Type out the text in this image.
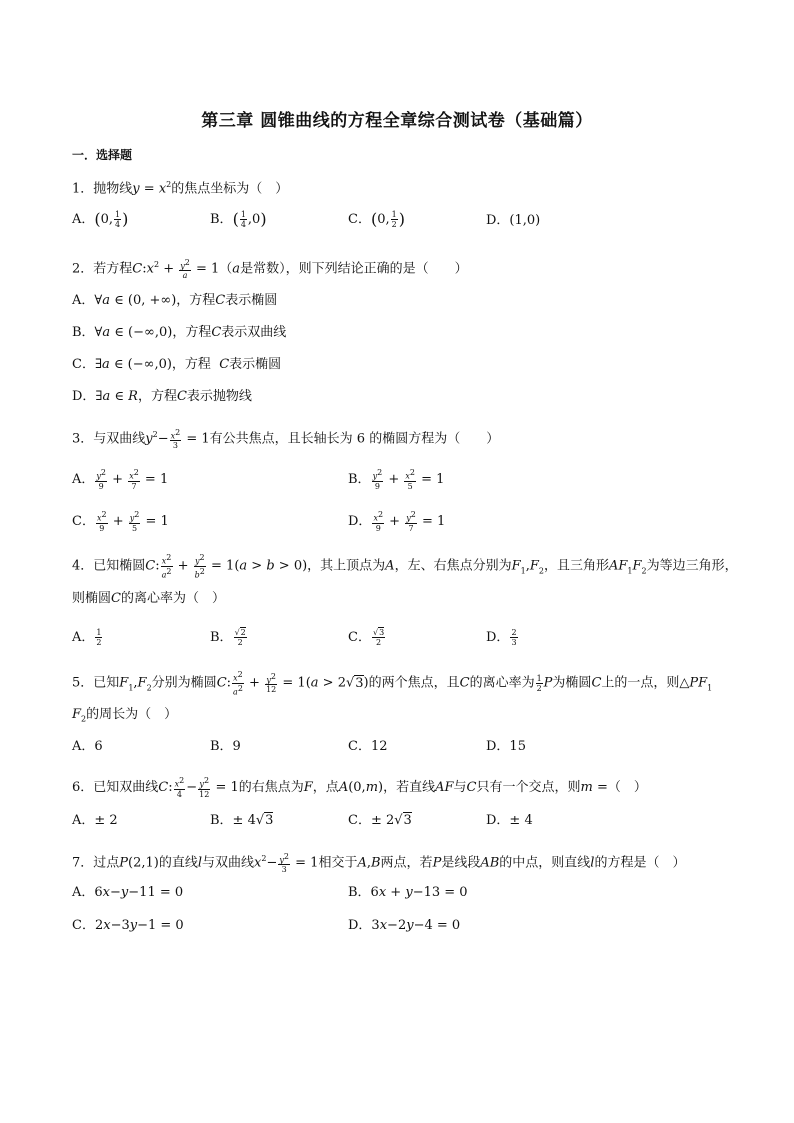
第三章 圆锥曲线的方程全章综合测试卷（基础篇）
一．选择题
1．抛物线$y = x^2$的焦点坐标为（　）
A．(0, $\frac{1}{4}$ )	B．( $\frac{1}{4} ,0$)	C．(0, $\frac{1}{2}$ )	D．(1,0)
2．若方程$C:x^2 + \frac{y^2}{a} = 1(a$是常数），则下列结论正确的是（　　）
A．∀a ∈ (0, +∞)，方程C表示椭圆
B．∀a ∈ (−∞,0)，方程C表示双曲线
C．∃a ∈ (−∞,0)，方程  C表示椭圆
D．∃a ∈ R，方程C表示抛物线
3．与双曲线$y^2- \frac{x^2}{3} = 1$有公共焦点，且长轴长为 6 的椭圆方程为（　　）
A． $\frac{y^2}{9} + \frac{x^2}{7} = 1$	B． $\frac{y^2}{9} + \frac{x^2}{5} = 1$
C． $\frac{x^2}{9} + \frac{y^2}{5} = 1$	D． $\frac{x^2}{9} + \frac{y^2}{7} = 1$
4．已知椭圆C: $\frac{x^2}{a^2} + \frac{y^2}{b^2} = 1(a > b > 0)$，其上顶点为A，左、右焦点分别为$F_1,F_2$，且三角形$AF_1F_2$为等边三角形，
则椭圆C的离心率为（　）
A． $\frac{1}{2}$	B． $\frac{√2}{2}$	C． $\frac{√3}{2}$	D． $\frac{2}{3}$
5．已知$F_1,F_2$分别为椭圆C: $\frac{x^2}{a^2} + \frac{y^2}{12} = 1(a > 2√3)$的两个焦点，且C的离心率为 $\frac{1}{2}$ P为椭圆C上的一点，则$\triangle PF_1$
$F_2$的周长为（　）
A．6	B．9	C．12	D．15
6．已知双曲线C: $\frac{x^2}{4} - \frac{y^2}{12} = 1$的右焦点为F，点A(0,m)，若直线AF与C只有一个交点，则m =（　）
A．± 2	B．± 4√3	C．± 2√3	D．± 4
7．过点P(2,1)的直线l与双曲线$x^2- \frac{y^2}{3} = 1$相交于A,B两点，若P是线段AB的中点，则直线l的方程是（　）
A．6x−y−11 = 0	B．6x + y−13 = 0
C．2x−3y−1 = 0	D．3x−2y−4 = 0
